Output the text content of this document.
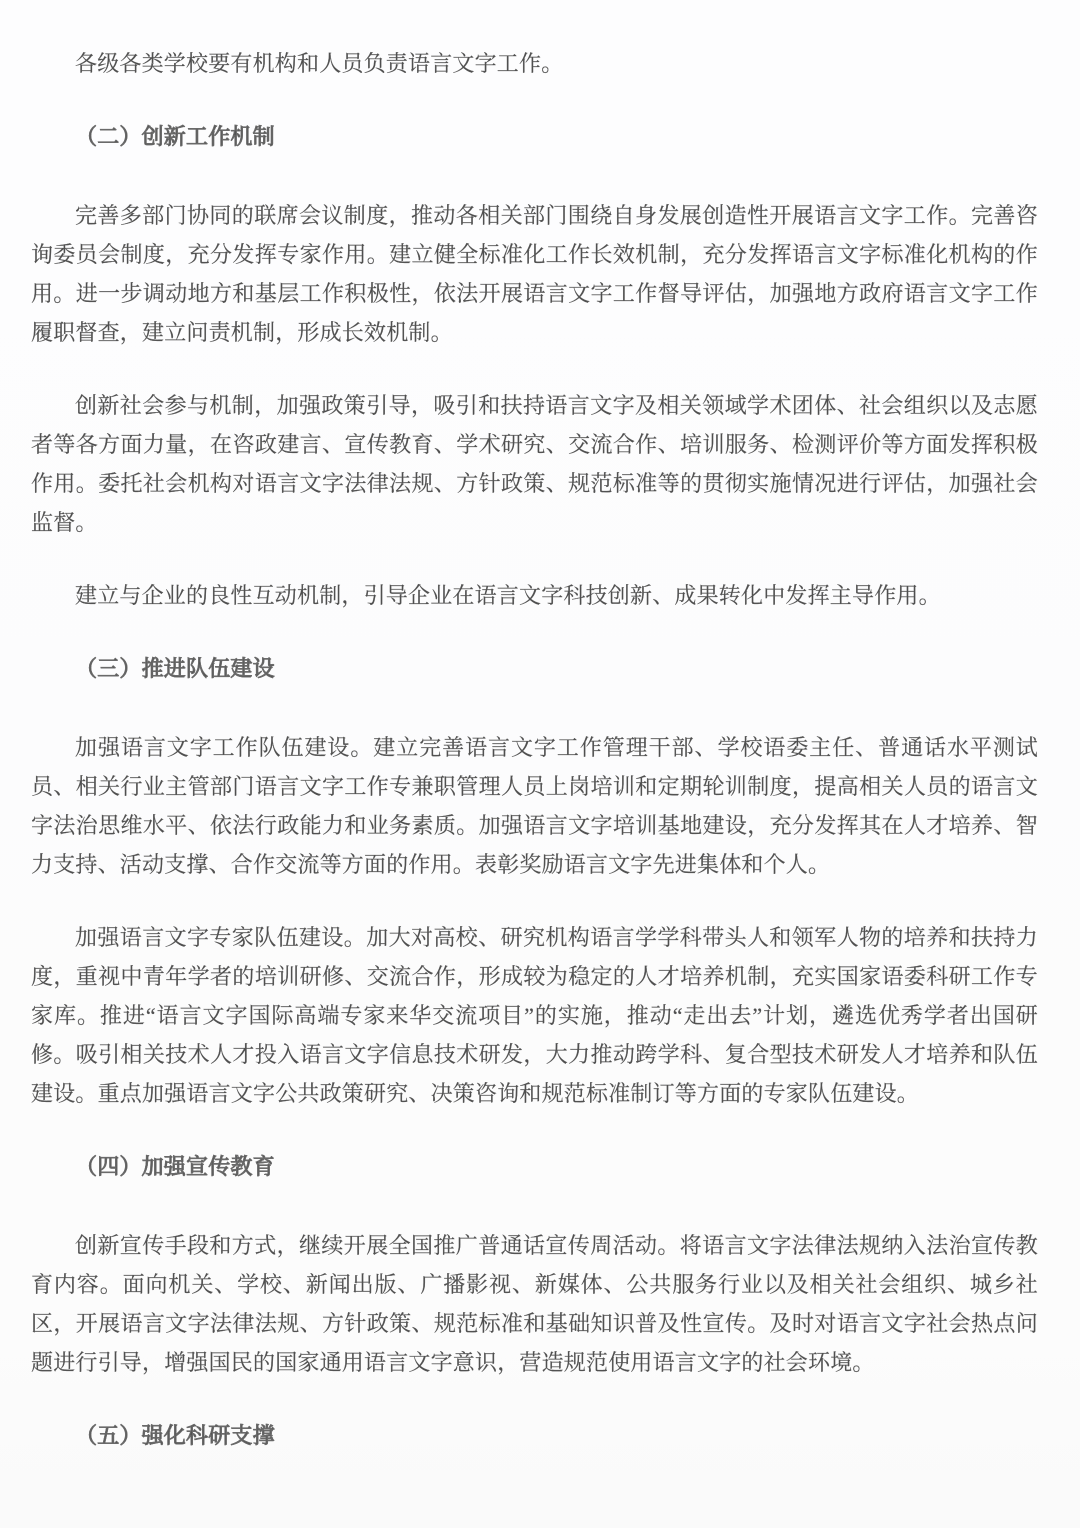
各级各类学校要有机构和人员负责语言文字工作。

（二）创新工作机制

完善多部门协同的联席会议制度，推动各相关部门围绕自身发展创造性开展语言文字工作。完善咨询委员会制度，充分发挥专家作用。建立健全标准化工作长效机制，充分发挥语言文字标准化机构的作用。进一步调动地方和基层工作积极性，依法开展语言文字工作督导评估，加强地方政府语言文字工作履职督查，建立问责机制，形成长效机制。

创新社会参与机制，加强政策引导，吸引和扶持语言文字及相关领域学术团体、社会组织以及志愿者等各方面力量，在咨政建言、宣传教育、学术研究、交流合作、培训服务、检测评价等方面发挥积极作用。委托社会机构对语言文字法律法规、方针政策、规范标准等的贯彻实施情况进行评估，加强社会监督。

建立与企业的良性互动机制，引导企业在语言文字科技创新、成果转化中发挥主导作用。

（三）推进队伍建设

加强语言文字工作队伍建设。建立完善语言文字工作管理干部、学校语委主任、普通话水平测试员、相关行业主管部门语言文字工作专兼职管理人员上岗培训和定期轮训制度，提高相关人员的语言文字法治思维水平、依法行政能力和业务素质。加强语言文字培训基地建设，充分发挥其在人才培养、智力支持、活动支撑、合作交流等方面的作用。表彰奖励语言文字先进集体和个人。

加强语言文字专家队伍建设。加大对高校、研究机构语言学学科带头人和领军人物的培养和扶持力度，重视中青年学者的培训研修、交流合作，形成较为稳定的人才培养机制，充实国家语委科研工作专家库。推进“语言文字国际高端专家来华交流项目”的实施，推动“走出去”计划，遴选优秀学者出国研修。吸引相关技术人才投入语言文字信息技术研发，大力推动跨学科、复合型技术研发人才培养和队伍建设。重点加强语言文字公共政策研究、决策咨询和规范标准制订等方面的专家队伍建设。

（四）加强宣传教育

创新宣传手段和方式，继续开展全国推广普通话宣传周活动。将语言文字法律法规纳入法治宣传教育内容。面向机关、学校、新闻出版、广播影视、新媒体、公共服务行业以及相关社会组织、城乡社区，开展语言文字法律法规、方针政策、规范标准和基础知识普及性宣传。及时对语言文字社会热点问题进行引导，增强国民的国家通用语言文字意识，营造规范使用语言文字的社会环境。

（五）强化科研支撑
